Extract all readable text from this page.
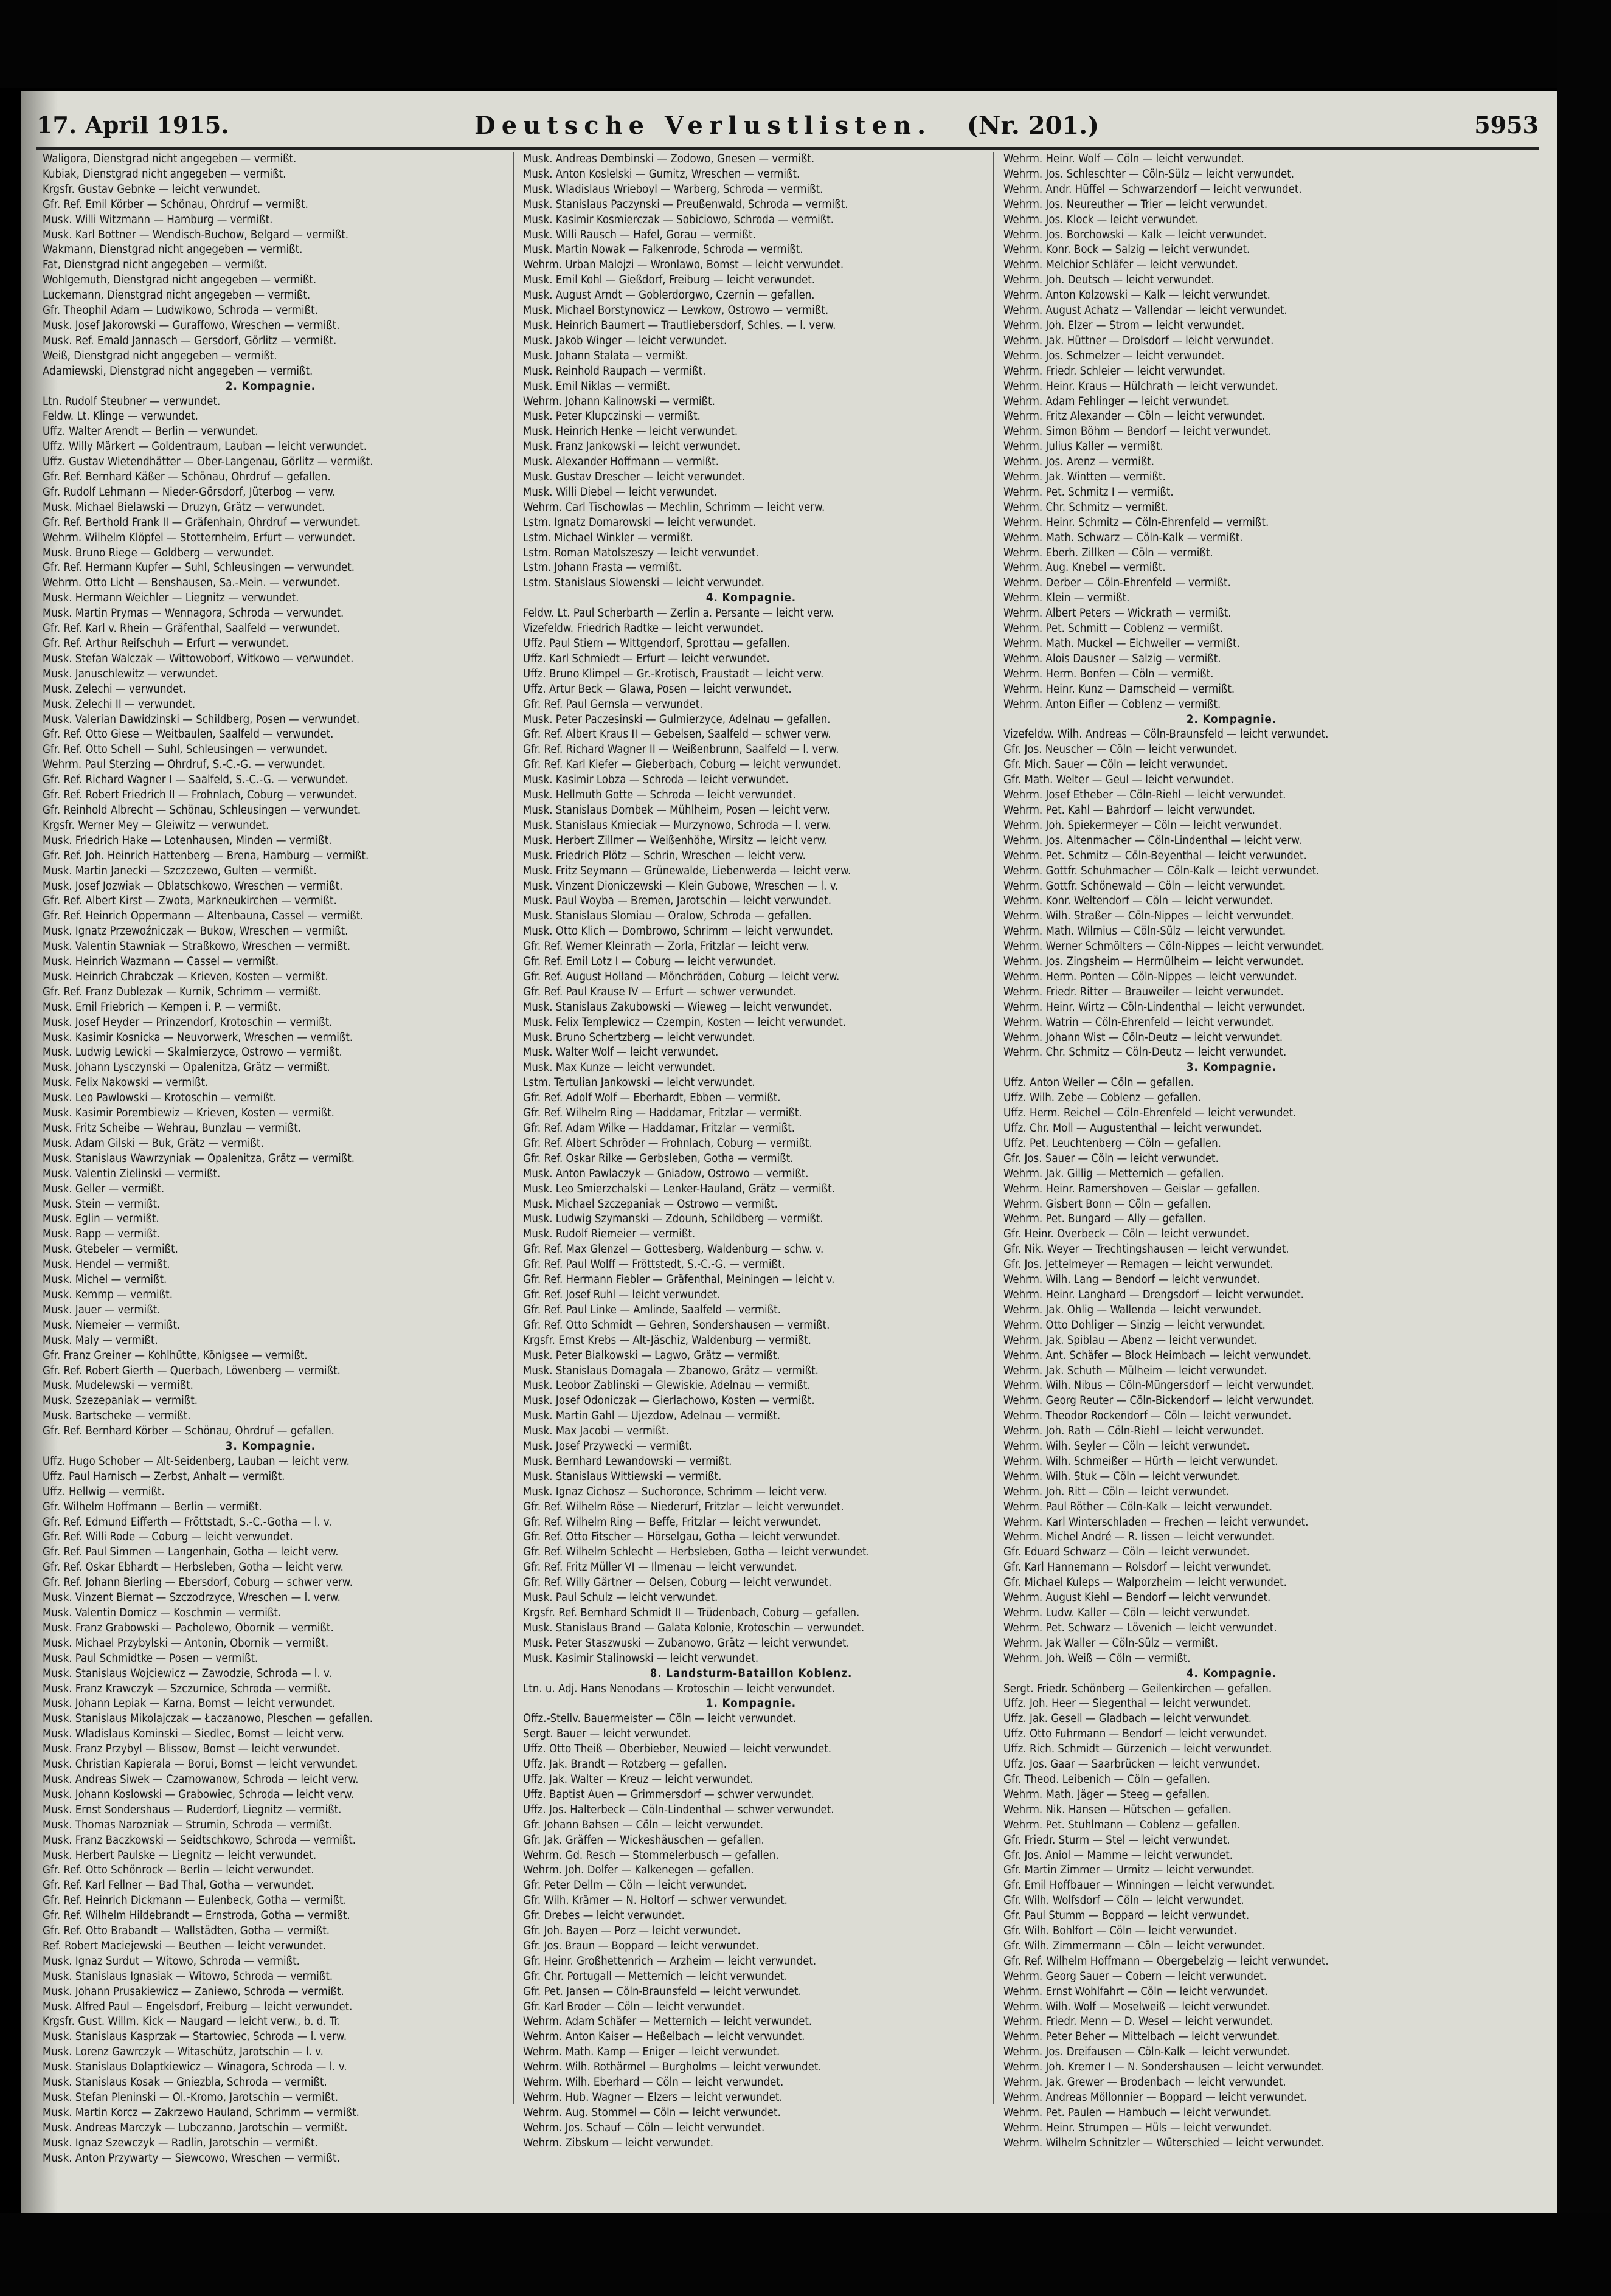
17. April 1915.	Deutsche Verlustlisten. (Nr. 201.)	5953
Waligora, Dienstgrad nicht angegeben — vermißt.
Kubiak, Dienstgrad nicht angegeben — vermißt.
Krgsfr. Gustav Gebnke — leicht verwundet.
Gfr. Ref. Emil Körber — Schönau, Ohrdruf — vermißt.
Musk. Willi Witzmann — Hamburg — vermißt.
Musk. Karl Bottner — Wendisch-Buchow, Belgard — vermißt.
Wakmann, Dienstgrad nicht angegeben — vermißt.
Fat, Dienstgrad nicht angegeben — vermißt.
Wohlgemuth, Dienstgrad nicht angegeben — vermißt.
Luckemann, Dienstgrad nicht angegeben — vermißt.
Gfr. Theophil Adam — Ludwikowo, Schroda — vermißt.
Musk. Josef Jakorowski — Guraffowo, Wreschen — vermißt.
Musk. Ref. Emald Jannasch — Gersdorf, Görlitz — vermißt.
Weiß, Dienstgrad nicht angegeben — vermißt.
Adamiewski, Dienstgrad nicht angegeben — vermißt.
2. Kompagnie.
Ltn. Rudolf Steubner — verwundet.
Feldw. Lt. Klinge — verwundet.
Uffz. Walter Arendt — Berlin — verwundet.
Uffz. Willy Märkert — Goldentraum, Lauban — leicht verwundet.
Uffz. Gustav Wietendhätter — Ober-Langenau, Görlitz — vermißt.
Gfr. Ref. Bernhard Käßer — Schönau, Ohrdruf — gefallen.
Gfr. Rudolf Lehmann — Nieder-Görsdorf, Jüterbog — verw.
Musk. Michael Bielawski — Druzyn, Grätz — verwundet.
Gfr. Ref. Berthold Frank II — Gräfenhain, Ohrdruf — verwundet.
Wehrm. Wilhelm Klöpfel — Stotternheim, Erfurt — verwundet.
Musk. Bruno Riege — Goldberg — verwundet.
Gfr. Ref. Hermann Kupfer — Suhl, Schleusingen — verwundet.
Wehrm. Otto Licht — Benshausen, Sa.-Mein. — verwundet.
Musk. Hermann Weichler — Liegnitz — verwundet.
Musk. Martin Prymas — Wennagora, Schroda — verwundet.
Gfr. Ref. Karl v. Rhein — Gräfenthal, Saalfeld — verwundet.
Gfr. Ref. Arthur Reifschuh — Erfurt — verwundet.
Musk. Stefan Walczak — Wittowoborf, Witkowo — verwundet.
Musk. Januschlewitz — verwundet.
Musk. Zelechi — verwundet.
Musk. Zelechi II — verwundet.
Musk. Valerian Dawidzinski — Schildberg, Posen — verwundet.
Gfr. Ref. Otto Giese — Weitbaulen, Saalfeld — verwundet.
Gfr. Ref. Otto Schell — Suhl, Schleusingen — verwundet.
Wehrm. Paul Sterzing — Ohrdruf, S.-C.-G. — verwundet.
Gfr. Ref. Richard Wagner I — Saalfeld, S.-C.-G. — verwundet.
Gfr. Ref. Robert Friedrich II — Frohnlach, Coburg — verwundet.
Gfr. Reinhold Albrecht — Schönau, Schleusingen — verwundet.
Krgsfr. Werner Mey — Gleiwitz — verwundet.
Musk. Friedrich Hake — Lotenhausen, Minden — vermißt.
Gfr. Ref. Joh. Heinrich Hattenberg — Brena, Hamburg — vermißt.
Musk. Martin Janecki — Szczczewo, Gulten — vermißt.
Musk. Josef Jozwiak — Oblatschkowo, Wreschen — vermißt.
Gfr. Ref. Albert Kirst — Zwota, Markneukirchen — vermißt.
Gfr. Ref. Heinrich Oppermann — Altenbauna, Cassel — vermißt.
Musk. Ignatz Przewoźniczak — Bukow, Wreschen — vermißt.
Musk. Valentin Stawniak — Straßkowo, Wreschen — vermißt.
Musk. Heinrich Wazmann — Cassel — vermißt.
Musk. Heinrich Chrabczak — Krieven, Kosten — vermißt.
Gfr. Ref. Franz Dublezak — Kurnik, Schrimm — vermißt.
Musk. Emil Friebrich — Kempen i. P. — vermißt.
Musk. Josef Heyder — Prinzendorf, Krotoschin — vermißt.
Musk. Kasimir Kosnicka — Neuvorwerk, Wreschen — vermißt.
Musk. Ludwig Lewicki — Skalmierzyce, Ostrowo — vermißt.
Musk. Johann Lysczynski — Opalenitza, Grätz — vermißt.
Musk. Felix Nakowski — vermißt.
Musk. Leo Pawlowski — Krotoschin — vermißt.
Musk. Kasimir Porembiewiz — Krieven, Kosten — vermißt.
Musk. Fritz Scheibe — Wehrau, Bunzlau — vermißt.
Musk. Adam Gilski — Buk, Grätz — vermißt.
Musk. Stanislaus Wawrzyniak — Opalenitza, Grätz — vermißt.
Musk. Valentin Zielinski — vermißt.
Musk. Geller — vermißt.
Musk. Stein — vermißt.
Musk. Eglin — vermißt.
Musk. Rapp — vermißt.
Musk. Gtebeler — vermißt.
Musk. Hendel — vermißt.
Musk. Michel — vermißt.
Musk. Kemmp — vermißt.
Musk. Jauer — vermißt.
Musk. Niemeier — vermißt.
Musk. Maly — vermißt.
Gfr. Franz Greiner — Kohlhütte, Königsee — vermißt.
Gfr. Ref. Robert Gierth — Querbach, Löwenberg — vermißt.
Musk. Mudelewski — vermißt.
Musk. Szezepaniak — vermißt.
Musk. Bartscheke — vermißt.
Gfr. Ref. Bernhard Körber — Schönau, Ohrdruf — gefallen.
3. Kompagnie.
Uffz. Hugo Schober — Alt-Seidenberg, Lauban — leicht verw.
Uffz. Paul Harnisch — Zerbst, Anhalt — vermißt.
Uffz. Hellwig — vermißt.
Gfr. Wilhelm Hoffmann — Berlin — vermißt.
Gfr. Ref. Edmund Eifferth — Fröttstadt, S.-C.-Gotha — l. v.
Gfr. Ref. Willi Rode — Coburg — leicht verwundet.
Gfr. Ref. Paul Simmen — Langenhain, Gotha — leicht verw.
Gfr. Ref. Oskar Ebhardt — Herbsleben, Gotha — leicht verw.
Gfr. Ref. Johann Bierling — Ebersdorf, Coburg — schwer verw.
Musk. Vinzent Biernat — Szczodrzyce, Wreschen — l. verw.
Musk. Valentin Domicz — Koschmin — vermißt.
Musk. Franz Grabowski — Pacholewo, Obornik — vermißt.
Musk. Michael Przybylski — Antonin, Obornik — vermißt.
Musk. Paul Schmidtke — Posen — vermißt.
Musk. Stanislaus Wojciewicz — Zawodzie, Schroda — l. v.
Musk. Franz Krawczyk — Szczurnice, Schroda — vermißt.
Musk. Johann Lepiak — Karna, Bomst — leicht verwundet.
Musk. Stanislaus Mikolajczak — Łaczanowo, Pleschen — gefallen.
Musk. Wladislaus Kominski — Siedlec, Bomst — leicht verw.
Musk. Franz Przybyl — Blissow, Bomst — leicht verwundet.
Musk. Christian Kapierala — Borui, Bomst — leicht verwundet.
Musk. Andreas Siwek — Czarnowanow, Schroda — leicht verw.
Musk. Johann Koslowski — Grabowiec, Schroda — leicht verw.
Musk. Ernst Sondershaus — Ruderdorf, Liegnitz — vermißt.
Musk. Thomas Narozniak — Strumin, Schroda — vermißt.
Musk. Franz Baczkowski — Seidtschkowo, Schroda — vermißt.
Musk. Herbert Paulske — Liegnitz — leicht verwundet.
Gfr. Ref. Otto Schönrock — Berlin — leicht verwundet.
Gfr. Ref. Karl Fellner — Bad Thal, Gotha — verwundet.
Gfr. Ref. Heinrich Dickmann — Eulenbeck, Gotha — vermißt.
Gfr. Ref. Wilhelm Hildebrandt — Ernstroda, Gotha — vermißt.
Gfr. Ref. Otto Brabandt — Wallstädten, Gotha — vermißt.
Ref. Robert Maciejewski — Beuthen — leicht verwundet.
Musk. Ignaz Surdut — Witowo, Schroda — vermißt.
Musk. Stanislaus Ignasiak — Witowo, Schroda — vermißt.
Musk. Johann Prusakiewicz — Zaniewo, Schroda — vermißt.
Musk. Alfred Paul — Engelsdorf, Freiburg — leicht verwundet.
Krgsfr. Gust. Willm. Kick — Naugard — leicht verw., b. d. Tr.
Musk. Stanislaus Kasprzak — Startowiec, Schroda — l. verw.
Musk. Lorenz Gawrczyk — Witaschütz, Jarotschin — l. v.
Musk. Stanislaus Dolaptkiewicz — Winagora, Schroda — l. v.
Musk. Stanislaus Kosak — Gniezbla, Schroda — vermißt.
Musk. Stefan Pleninski — Ol.-Kromo, Jarotschin — vermißt.
Musk. Martin Korcz — Zakrzewo Hauland, Schrimm — vermißt.
Musk. Andreas Marczyk — Lubczanno, Jarotschin — vermißt.
Musk. Ignaz Szewczyk — Radlin, Jarotschin — vermißt.
Musk. Anton Przywarty — Siewcowo, Wreschen — vermißt.
Musk. Andreas Dembinski — Zodowo, Gnesen — vermißt.
Musk. Anton Koslelski — Gumitz, Wreschen — vermißt.
Musk. Wladislaus Wrieboyl — Warberg, Schroda — vermißt.
Musk. Stanislaus Paczynski — Preußenwald, Schroda — vermißt.
Musk. Kasimir Kosmierczak — Sobiciowo, Schroda — vermißt.
Musk. Willi Rausch — Hafel, Gorau — vermißt.
Musk. Martin Nowak — Falkenrode, Schroda — vermißt.
Wehrm. Urban Malojzi — Wronlawo, Bomst — leicht verwundet.
Musk. Emil Kohl — Gießdorf, Freiburg — leicht verwundet.
Musk. August Arndt — Goblerdorgwo, Czernin — gefallen.
Musk. Michael Borstynowicz — Lewkow, Ostrowo — vermißt.
Musk. Heinrich Baumert — Trautliebersdorf, Schles. — l. verw.
Musk. Jakob Winger — leicht verwundet.
Musk. Johann Stalata — vermißt.
Musk. Reinhold Raupach — vermißt.
Musk. Emil Niklas — vermißt.
Wehrm. Johann Kalinowski — vermißt.
Musk. Peter Klupczinski — vermißt.
Musk. Heinrich Henke — leicht verwundet.
Musk. Franz Jankowski — leicht verwundet.
Musk. Alexander Hoffmann — vermißt.
Musk. Gustav Drescher — leicht verwundet.
Musk. Willi Diebel — leicht verwundet.
Wehrm. Carl Tischowlas — Mechlin, Schrimm — leicht verw.
Lstm. Ignatz Domarowski — leicht verwundet.
Lstm. Michael Winkler — vermißt.
Lstm. Roman Matolszeszy — leicht verwundet.
Lstm. Johann Frasta — vermißt.
Lstm. Stanislaus Slowenski — leicht verwundet.
4. Kompagnie.
Feldw. Lt. Paul Scherbarth — Zerlin a. Persante — leicht verw.
Vizefeldw. Friedrich Radtke — leicht verwundet.
Uffz. Paul Stiern — Wittgendorf, Sprottau — gefallen.
Uffz. Karl Schmiedt — Erfurt — leicht verwundet.
Uffz. Bruno Klimpel — Gr.-Krotisch, Fraustadt — leicht verw.
Uffz. Artur Beck — Glawa, Posen — leicht verwundet.
Gfr. Ref. Paul Gernsla — verwundet.
Musk. Peter Paczesinski — Gulmierzyce, Adelnau — gefallen.
Gfr. Ref. Albert Kraus II — Gebelsen, Saalfeld — schwer verw.
Gfr. Ref. Richard Wagner II — Weißenbrunn, Saalfeld — l. verw.
Gfr. Ref. Karl Kiefer — Gieberbach, Coburg — leicht verwundet.
Musk. Kasimir Lobza — Schroda — leicht verwundet.
Musk. Hellmuth Gotte — Schroda — leicht verwundet.
Musk. Stanislaus Dombek — Mühlheim, Posen — leicht verw.
Musk. Stanislaus Kmieciak — Murzynowo, Schroda — l. verw.
Musk. Herbert Zillmer — Weißenhöhe, Wirsitz — leicht verw.
Musk. Friedrich Plötz — Schrin, Wreschen — leicht verw.
Musk. Fritz Seymann — Grünewalde, Liebenwerda — leicht verw.
Musk. Vinzent Dioniczewski — Klein Gubowe, Wreschen — l. v.
Musk. Paul Woyba — Bremen, Jarotschin — leicht verwundet.
Musk. Stanislaus Slomiau — Oralow, Schroda — gefallen.
Musk. Otto Klich — Dombrowo, Schrimm — leicht verwundet.
Gfr. Ref. Werner Kleinrath — Zorla, Fritzlar — leicht verw.
Gfr. Ref. Emil Lotz I — Coburg — leicht verwundet.
Gfr. Ref. August Holland — Mönchröden, Coburg — leicht verw.
Gfr. Ref. Paul Krause IV — Erfurt — schwer verwundet.
Musk. Stanislaus Zakubowski — Wieweg — leicht verwundet.
Musk. Felix Templewicz — Czempin, Kosten — leicht verwundet.
Musk. Bruno Schertzberg — leicht verwundet.
Musk. Walter Wolf — leicht verwundet.
Musk. Max Kunze — leicht verwundet.
Lstm. Tertulian Jankowski — leicht verwundet.
Gfr. Ref. Adolf Wolf — Eberhardt, Ebben — vermißt.
Gfr. Ref. Wilhelm Ring — Haddamar, Fritzlar — vermißt.
Gfr. Ref. Adam Wilke — Haddamar, Fritzlar — vermißt.
Gfr. Ref. Albert Schröder — Frohnlach, Coburg — vermißt.
Gfr. Ref. Oskar Rilke — Gerbsleben, Gotha — vermißt.
Musk. Anton Pawlaczyk — Gniadow, Ostrowo — vermißt.
Musk. Leo Smierzchalski — Lenker-Hauland, Grätz — vermißt.
Musk. Michael Szczepaniak — Ostrowo — vermißt.
Musk. Ludwig Szymanski — Zdounh, Schildberg — vermißt.
Musk. Rudolf Riemeier — vermißt.
Gfr. Ref. Max Glenzel — Gottesberg, Waldenburg — schw. v.
Gfr. Ref. Paul Wolff — Fröttstedt, S.-C.-G. — vermißt.
Gfr. Ref. Hermann Fiebler — Gräfenthal, Meiningen — leicht v.
Gfr. Ref. Josef Ruhl — leicht verwundet.
Gfr. Ref. Paul Linke — Amlinde, Saalfeld — vermißt.
Gfr. Ref. Otto Schmidt — Gehren, Sondershausen — vermißt.
Krgsfr. Ernst Krebs — Alt-Jäschiz, Waldenburg — vermißt.
Musk. Peter Bialkowski — Lagwo, Grätz — vermißt.
Musk. Stanislaus Domagala — Zbanowo, Grätz — vermißt.
Musk. Leobor Zablinski — Glewiskie, Adelnau — vermißt.
Musk. Josef Odoniczak — Gierlachowo, Kosten — vermißt.
Musk. Martin Gahl — Ujezdow, Adelnau — vermißt.
Musk. Max Jacobi — vermißt.
Musk. Josef Przywecki — vermißt.
Musk. Bernhard Lewandowski — vermißt.
Musk. Stanislaus Wittiewski — vermißt.
Musk. Ignaz Cichosz — Suchoronce, Schrimm — leicht verw.
Gfr. Ref. Wilhelm Röse — Niederurf, Fritzlar — leicht verwundet.
Gfr. Ref. Wilhelm Ring — Beffe, Fritzlar — leicht verwundet.
Gfr. Ref. Otto Fitscher — Hörselgau, Gotha — leicht verwundet.
Gfr. Ref. Wilhelm Schlecht — Herbsleben, Gotha — leicht verwundet.
Gfr. Ref. Fritz Müller VI — Ilmenau — leicht verwundet.
Gfr. Ref. Willy Gärtner — Oelsen, Coburg — leicht verwundet.
Musk. Paul Schulz — leicht verwundet.
Krgsfr. Ref. Bernhard Schmidt II — Trüdenbach, Coburg — gefallen.
Musk. Stanislaus Brand — Galata Kolonie, Krotoschin — verwundet.
Musk. Peter Staszwuski — Zubanowo, Grätz — leicht verwundet.
Musk. Kasimir Stalinowski — leicht verwundet.
8. Landsturm-Bataillon Koblenz.
Ltn. u. Adj. Hans Nenodans — Krotoschin — leicht verwundet.
1. Kompagnie.
Offz.-Stellv. Bauermeister — Cöln — leicht verwundet.
Sergt. Bauer — leicht verwundet.
Uffz. Otto Theiß — Oberbieber, Neuwied — leicht verwundet.
Uffz. Jak. Brandt — Rotzberg — gefallen.
Uffz. Jak. Walter — Kreuz — leicht verwundet.
Uffz. Baptist Auen — Grimmersdorf — schwer verwundet.
Uffz. Jos. Halterbeck — Cöln-Lindenthal — schwer verwundet.
Gfr. Johann Bahsen — Cöln — leicht verwundet.
Gfr. Jak. Gräffen — Wickeshäuschen — gefallen.
Wehrm. Gd. Resch — Stommelerbusch — gefallen.
Wehrm. Joh. Dolfer — Kalkenegen — gefallen.
Gfr. Peter Dellm — Cöln — leicht verwundet.
Gfr. Wilh. Krämer — N. Holtorf — schwer verwundet.
Gfr. Drebes — leicht verwundet.
Gfr. Joh. Bayen — Porz — leicht verwundet.
Gfr. Jos. Braun — Boppard — leicht verwundet.
Gfr. Heinr. Großhettenrich — Arzheim — leicht verwundet.
Gfr. Chr. Portugall — Metternich — leicht verwundet.
Gfr. Pet. Jansen — Cöln-Braunsfeld — leicht verwundet.
Gfr. Karl Broder — Cöln — leicht verwundet.
Wehrm. Adam Schäfer — Metternich — leicht verwundet.
Wehrm. Anton Kaiser — Heßelbach — leicht verwundet.
Wehrm. Math. Kamp — Eniger — leicht verwundet.
Wehrm. Wilh. Rothärmel — Burgholms — leicht verwundet.
Wehrm. Wilh. Eberhard — Cöln — leicht verwundet.
Wehrm. Hub. Wagner — Elzers — leicht verwundet.
Wehrm. Aug. Stommel — Cöln — leicht verwundet.
Wehrm. Jos. Schauf — Cöln — leicht verwundet.
Wehrm. Zibskum — leicht verwundet.
Wehrm. Heinr. Wolf — Cöln — leicht verwundet.
Wehrm. Jos. Schleschter — Cöln-Sülz — leicht verwundet.
Wehrm. Andr. Hüffel — Schwarzendorf — leicht verwundet.
Wehrm. Jos. Neureuther — Trier — leicht verwundet.
Wehrm. Jos. Klock — leicht verwundet.
Wehrm. Jos. Borchowski — Kalk — leicht verwundet.
Wehrm. Konr. Bock — Salzig — leicht verwundet.
Wehrm. Melchior Schläfer — leicht verwundet.
Wehrm. Joh. Deutsch — leicht verwundet.
Wehrm. Anton Kolzowski — Kalk — leicht verwundet.
Wehrm. August Achatz — Vallendar — leicht verwundet.
Wehrm. Joh. Elzer — Strom — leicht verwundet.
Wehrm. Jak. Hüttner — Drolsdorf — leicht verwundet.
Wehrm. Jos. Schmelzer — leicht verwundet.
Wehrm. Friedr. Schleier — leicht verwundet.
Wehrm. Heinr. Kraus — Hülchrath — leicht verwundet.
Wehrm. Adam Fehlinger — leicht verwundet.
Wehrm. Fritz Alexander — Cöln — leicht verwundet.
Wehrm. Simon Böhm — Bendorf — leicht verwundet.
Wehrm. Julius Kaller — vermißt.
Wehrm. Jos. Arenz — vermißt.
Wehrm. Jak. Wintten — vermißt.
Wehrm. Pet. Schmitz I — vermißt.
Wehrm. Chr. Schmitz — vermißt.
Wehrm. Heinr. Schmitz — Cöln-Ehrenfeld — vermißt.
Wehrm. Math. Schwarz — Cöln-Kalk — vermißt.
Wehrm. Eberh. Zillken — Cöln — vermißt.
Wehrm. Aug. Knebel — vermißt.
Wehrm. Derber — Cöln-Ehrenfeld — vermißt.
Wehrm. Klein — vermißt.
Wehrm. Albert Peters — Wickrath — vermißt.
Wehrm. Pet. Schmitt — Coblenz — vermißt.
Wehrm. Math. Muckel — Eichweiler — vermißt.
Wehrm. Alois Dausner — Salzig — vermißt.
Wehrm. Herm. Bonfen — Cöln — vermißt.
Wehrm. Heinr. Kunz — Damscheid — vermißt.
Wehrm. Anton Eifler — Coblenz — vermißt.
2. Kompagnie.
Vizefeldw. Wilh. Andreas — Cöln-Braunsfeld — leicht verwundet.
Gfr. Jos. Neuscher — Cöln — leicht verwundet.
Gfr. Mich. Sauer — Cöln — leicht verwundet.
Gfr. Math. Welter — Geul — leicht verwundet.
Wehrm. Josef Etheber — Cöln-Riehl — leicht verwundet.
Wehrm. Pet. Kahl — Bahrdorf — leicht verwundet.
Wehrm. Joh. Spiekermeyer — Cöln — leicht verwundet.
Wehrm. Jos. Altenmacher — Cöln-Lindenthal — leicht verw.
Wehrm. Pet. Schmitz — Cöln-Beyenthal — leicht verwundet.
Wehrm. Gottfr. Schuhmacher — Cöln-Kalk — leicht verwundet.
Wehrm. Gottfr. Schönewald — Cöln — leicht verwundet.
Wehrm. Konr. Weltendorf — Cöln — leicht verwundet.
Wehrm. Wilh. Straßer — Cöln-Nippes — leicht verwundet.
Wehrm. Math. Wilmius — Cöln-Sülz — leicht verwundet.
Wehrm. Werner Schmölters — Cöln-Nippes — leicht verwundet.
Wehrm. Jos. Zingsheim — Herrnülheim — leicht verwundet.
Wehrm. Herm. Ponten — Cöln-Nippes — leicht verwundet.
Wehrm. Friedr. Ritter — Brauweiler — leicht verwundet.
Wehrm. Heinr. Wirtz — Cöln-Lindenthal — leicht verwundet.
Wehrm. Watrin — Cöln-Ehrenfeld — leicht verwundet.
Wehrm. Johann Wist — Cöln-Deutz — leicht verwundet.
Wehrm. Chr. Schmitz — Cöln-Deutz — leicht verwundet.
3. Kompagnie.
Uffz. Anton Weiler — Cöln — gefallen.
Uffz. Wilh. Zebe — Coblenz — gefallen.
Uffz. Herm. Reichel — Cöln-Ehrenfeld — leicht verwundet.
Uffz. Chr. Moll — Augustenthal — leicht verwundet.
Uffz. Pet. Leuchtenberg — Cöln — gefallen.
Gfr. Jos. Sauer — Cöln — leicht verwundet.
Wehrm. Jak. Gillig — Metternich — gefallen.
Wehrm. Heinr. Ramershoven — Geislar — gefallen.
Wehrm. Gisbert Bonn — Cöln — gefallen.
Wehrm. Pet. Bungard — Ally — gefallen.
Gfr. Heinr. Overbeck — Cöln — leicht verwundet.
Gfr. Nik. Weyer — Trechtingshausen — leicht verwundet.
Gfr. Jos. Jettelmeyer — Remagen — leicht verwundet.
Wehrm. Wilh. Lang — Bendorf — leicht verwundet.
Wehrm. Heinr. Langhard — Drengsdorf — leicht verwundet.
Wehrm. Jak. Ohlig — Wallenda — leicht verwundet.
Wehrm. Otto Dohliger — Sinzig — leicht verwundet.
Wehrm. Jak. Spiblau — Abenz — leicht verwundet.
Wehrm. Ant. Schäfer — Block Heimbach — leicht verwundet.
Wehrm. Jak. Schuth — Mülheim — leicht verwundet.
Wehrm. Wilh. Nibus — Cöln-Müngersdorf — leicht verwundet.
Wehrm. Georg Reuter — Cöln-Bickendorf — leicht verwundet.
Wehrm. Theodor Rockendorf — Cöln — leicht verwundet.
Wehrm. Joh. Rath — Cöln-Riehl — leicht verwundet.
Wehrm. Wilh. Seyler — Cöln — leicht verwundet.
Wehrm. Wilh. Schmeißer — Hürth — leicht verwundet.
Wehrm. Wilh. Stuk — Cöln — leicht verwundet.
Wehrm. Joh. Ritt — Cöln — leicht verwundet.
Wehrm. Paul Röther — Cöln-Kalk — leicht verwundet.
Wehrm. Karl Winterschladen — Frechen — leicht verwundet.
Wehrm. Michel André — R. Iissen — leicht verwundet.
Gfr. Eduard Schwarz — Cöln — leicht verwundet.
Gfr. Karl Hannemann — Rolsdorf — leicht verwundet.
Gfr. Michael Kuleps — Walporzheim — leicht verwundet.
Wehrm. August Kiehl — Bendorf — leicht verwundet.
Wehrm. Ludw. Kaller — Cöln — leicht verwundet.
Wehrm. Pet. Schwarz — Lövenich — leicht verwundet.
Wehrm. Jak Waller — Cöln-Sülz — vermißt.
Wehrm. Joh. Weiß — Cöln — vermißt.
4. Kompagnie.
Sergt. Friedr. Schönberg — Geilenkirchen — gefallen.
Uffz. Joh. Heer — Siegenthal — leicht verwundet.
Uffz. Jak. Gesell — Gladbach — leicht verwundet.
Uffz. Otto Fuhrmann — Bendorf — leicht verwundet.
Uffz. Rich. Schmidt — Gürzenich — leicht verwundet.
Uffz. Jos. Gaar — Saarbrücken — leicht verwundet.
Gfr. Theod. Leibenich — Cöln — gefallen.
Wehrm. Math. Jäger — Steeg — gefallen.
Wehrm. Nik. Hansen — Hütschen — gefallen.
Wehrm. Pet. Stuhlmann — Coblenz — gefallen.
Gfr. Friedr. Sturm — Stel — leicht verwundet.
Gfr. Jos. Aniol — Mamme — leicht verwundet.
Gfr. Martin Zimmer — Urmitz — leicht verwundet.
Gfr. Emil Hoffbauer — Winningen — leicht verwundet.
Gfr. Wilh. Wolfsdorf — Cöln — leicht verwundet.
Gfr. Paul Stumm — Boppard — leicht verwundet.
Gfr. Wilh. Bohlfort — Cöln — leicht verwundet.
Gfr. Wilh. Zimmermann — Cöln — leicht verwundet.
Gfr. Ref. Wilhelm Hoffmann — Obergebelzig — leicht verwundet.
Wehrm. Georg Sauer — Cobern — leicht verwundet.
Wehrm. Ernst Wohlfahrt — Cöln — leicht verwundet.
Wehrm. Wilh. Wolf — Moselweiß — leicht verwundet.
Wehrm. Friedr. Menn — D. Wesel — leicht verwundet.
Wehrm. Peter Beher — Mittelbach — leicht verwundet.
Wehrm. Jos. Dreifausen — Cöln-Kalk — leicht verwundet.
Wehrm. Joh. Kremer I — N. Sondershausen — leicht verwundet.
Wehrm. Jak. Grewer — Brodenbach — leicht verwundet.
Wehrm. Andreas Möllonnier — Boppard — leicht verwundet.
Wehrm. Pet. Paulen — Hambuch — leicht verwundet.
Wehrm. Heinr. Strumpen — Hüls — leicht verwundet.
Wehrm. Wilhelm Schnitzler — Wüterschied — leicht verwundet.
